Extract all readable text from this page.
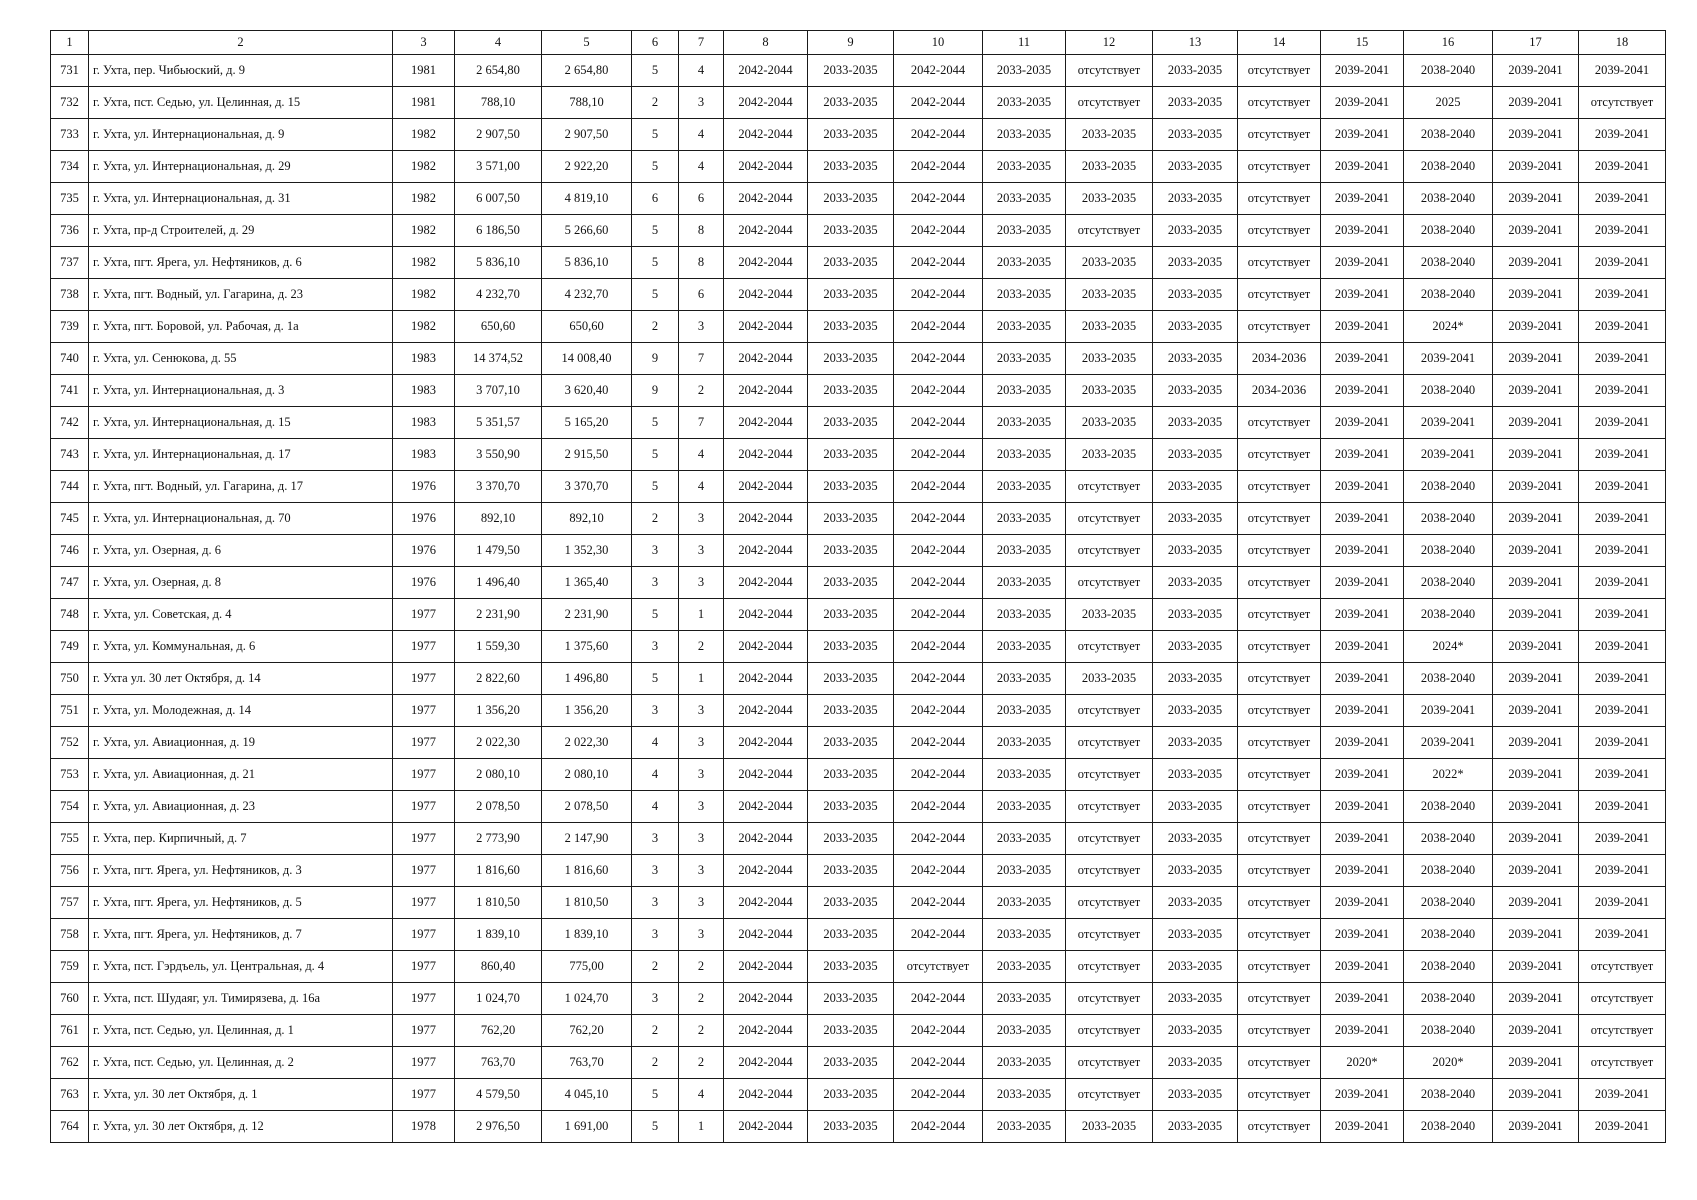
1	2	3	4	5	6	7	8	9	10	11	12	13	14	15	16	17	18
731	г. Ухта, пер. Чибьюский, д. 9	1981	2 654,80	2 654,80	5	4	2042-2044	2033-2035	2042-2044	2033-2035	отсутствует	2033-2035	отсутствует	2039-2041	2038-2040	2039-2041	2039-2041
732	г. Ухта, пст. Седью, ул. Целинная, д. 15	1981	788,10	788,10	2	3	2042-2044	2033-2035	2042-2044	2033-2035	отсутствует	2033-2035	отсутствует	2039-2041	2025	2039-2041	отсутствует
733	г. Ухта, ул. Интернациональная, д. 9	1982	2 907,50	2 907,50	5	4	2042-2044	2033-2035	2042-2044	2033-2035	2033-2035	2033-2035	отсутствует	2039-2041	2038-2040	2039-2041	2039-2041
734	г. Ухта, ул. Интернациональная, д. 29	1982	3 571,00	2 922,20	5	4	2042-2044	2033-2035	2042-2044	2033-2035	2033-2035	2033-2035	отсутствует	2039-2041	2038-2040	2039-2041	2039-2041
735	г. Ухта, ул. Интернациональная, д. 31	1982	6 007,50	4 819,10	6	6	2042-2044	2033-2035	2042-2044	2033-2035	2033-2035	2033-2035	отсутствует	2039-2041	2038-2040	2039-2041	2039-2041
736	г. Ухта, пр-д Строителей, д. 29	1982	6 186,50	5 266,60	5	8	2042-2044	2033-2035	2042-2044	2033-2035	отсутствует	2033-2035	отсутствует	2039-2041	2038-2040	2039-2041	2039-2041
737	г. Ухта, пгт. Ярега, ул. Нефтяников, д. 6	1982	5 836,10	5 836,10	5	8	2042-2044	2033-2035	2042-2044	2033-2035	2033-2035	2033-2035	отсутствует	2039-2041	2038-2040	2039-2041	2039-2041
738	г. Ухта, пгт. Водный, ул. Гагарина, д. 23	1982	4 232,70	4 232,70	5	6	2042-2044	2033-2035	2042-2044	2033-2035	2033-2035	2033-2035	отсутствует	2039-2041	2038-2040	2039-2041	2039-2041
739	г. Ухта, пгт. Боровой, ул. Рабочая, д. 1а	1982	650,60	650,60	2	3	2042-2044	2033-2035	2042-2044	2033-2035	2033-2035	2033-2035	отсутствует	2039-2041	2024*	2039-2041	2039-2041
740	г. Ухта, ул. Сенюкова, д. 55	1983	14 374,52	14 008,40	9	7	2042-2044	2033-2035	2042-2044	2033-2035	2033-2035	2033-2035	2034-2036	2039-2041	2039-2041	2039-2041	2039-2041
741	г. Ухта, ул. Интернациональная, д. 3	1983	3 707,10	3 620,40	9	2	2042-2044	2033-2035	2042-2044	2033-2035	2033-2035	2033-2035	2034-2036	2039-2041	2038-2040	2039-2041	2039-2041
742	г. Ухта, ул. Интернациональная, д. 15	1983	5 351,57	5 165,20	5	7	2042-2044	2033-2035	2042-2044	2033-2035	2033-2035	2033-2035	отсутствует	2039-2041	2039-2041	2039-2041	2039-2041
743	г. Ухта, ул. Интернациональная, д. 17	1983	3 550,90	2 915,50	5	4	2042-2044	2033-2035	2042-2044	2033-2035	2033-2035	2033-2035	отсутствует	2039-2041	2039-2041	2039-2041	2039-2041
744	г. Ухта, пгт. Водный, ул. Гагарина, д. 17	1976	3 370,70	3 370,70	5	4	2042-2044	2033-2035	2042-2044	2033-2035	отсутствует	2033-2035	отсутствует	2039-2041	2038-2040	2039-2041	2039-2041
745	г. Ухта, ул. Интернациональная, д. 70	1976	892,10	892,10	2	3	2042-2044	2033-2035	2042-2044	2033-2035	отсутствует	2033-2035	отсутствует	2039-2041	2038-2040	2039-2041	2039-2041
746	г. Ухта, ул. Озерная, д. 6	1976	1 479,50	1 352,30	3	3	2042-2044	2033-2035	2042-2044	2033-2035	отсутствует	2033-2035	отсутствует	2039-2041	2038-2040	2039-2041	2039-2041
747	г. Ухта, ул. Озерная, д. 8	1976	1 496,40	1 365,40	3	3	2042-2044	2033-2035	2042-2044	2033-2035	отсутствует	2033-2035	отсутствует	2039-2041	2038-2040	2039-2041	2039-2041
748	г. Ухта, ул. Советская, д. 4	1977	2 231,90	2 231,90	5	1	2042-2044	2033-2035	2042-2044	2033-2035	2033-2035	2033-2035	отсутствует	2039-2041	2038-2040	2039-2041	2039-2041
749	г. Ухта, ул. Коммунальная, д. 6	1977	1 559,30	1 375,60	3	2	2042-2044	2033-2035	2042-2044	2033-2035	отсутствует	2033-2035	отсутствует	2039-2041	2024*	2039-2041	2039-2041
750	г. Ухта ул. 30 лет Октября, д. 14	1977	2 822,60	1 496,80	5	1	2042-2044	2033-2035	2042-2044	2033-2035	2033-2035	2033-2035	отсутствует	2039-2041	2038-2040	2039-2041	2039-2041
751	г. Ухта, ул. Молодежная, д. 14	1977	1 356,20	1 356,20	3	3	2042-2044	2033-2035	2042-2044	2033-2035	отсутствует	2033-2035	отсутствует	2039-2041	2039-2041	2039-2041	2039-2041
752	г. Ухта, ул. Авиационная, д. 19	1977	2 022,30	2 022,30	4	3	2042-2044	2033-2035	2042-2044	2033-2035	отсутствует	2033-2035	отсутствует	2039-2041	2039-2041	2039-2041	2039-2041
753	г. Ухта, ул. Авиационная, д. 21	1977	2 080,10	2 080,10	4	3	2042-2044	2033-2035	2042-2044	2033-2035	отсутствует	2033-2035	отсутствует	2039-2041	2022*	2039-2041	2039-2041
754	г. Ухта, ул. Авиационная, д. 23	1977	2 078,50	2 078,50	4	3	2042-2044	2033-2035	2042-2044	2033-2035	отсутствует	2033-2035	отсутствует	2039-2041	2038-2040	2039-2041	2039-2041
755	г. Ухта, пер. Кирпичный, д. 7	1977	2 773,90	2 147,90	3	3	2042-2044	2033-2035	2042-2044	2033-2035	отсутствует	2033-2035	отсутствует	2039-2041	2038-2040	2039-2041	2039-2041
756	г. Ухта, пгт. Ярега, ул. Нефтяников, д. 3	1977	1 816,60	1 816,60	3	3	2042-2044	2033-2035	2042-2044	2033-2035	отсутствует	2033-2035	отсутствует	2039-2041	2038-2040	2039-2041	2039-2041
757	г. Ухта, пгт. Ярега, ул. Нефтяников, д. 5	1977	1 810,50	1 810,50	3	3	2042-2044	2033-2035	2042-2044	2033-2035	отсутствует	2033-2035	отсутствует	2039-2041	2038-2040	2039-2041	2039-2041
758	г. Ухта, пгт. Ярега, ул. Нефтяников, д. 7	1977	1 839,10	1 839,10	3	3	2042-2044	2033-2035	2042-2044	2033-2035	отсутствует	2033-2035	отсутствует	2039-2041	2038-2040	2039-2041	2039-2041
759	г. Ухта, пст. Гэрдъель, ул. Центральная, д. 4	1977	860,40	775,00	2	2	2042-2044	2033-2035	отсутствует	2033-2035	отсутствует	2033-2035	отсутствует	2039-2041	2038-2040	2039-2041	отсутствует
760	г. Ухта, пст. Шудаяг, ул. Тимирязева, д. 16а	1977	1 024,70	1 024,70	3	2	2042-2044	2033-2035	2042-2044	2033-2035	отсутствует	2033-2035	отсутствует	2039-2041	2038-2040	2039-2041	отсутствует
761	г. Ухта, пст. Седью, ул. Целинная, д. 1	1977	762,20	762,20	2	2	2042-2044	2033-2035	2042-2044	2033-2035	отсутствует	2033-2035	отсутствует	2039-2041	2038-2040	2039-2041	отсутствует
762	г. Ухта, пст. Седью, ул. Целинная, д. 2	1977	763,70	763,70	2	2	2042-2044	2033-2035	2042-2044	2033-2035	отсутствует	2033-2035	отсутствует	2020*	2020*	2039-2041	отсутствует
763	г. Ухта, ул. 30 лет Октября, д. 1	1977	4 579,50	4 045,10	5	4	2042-2044	2033-2035	2042-2044	2033-2035	отсутствует	2033-2035	отсутствует	2039-2041	2038-2040	2039-2041	2039-2041
764	г. Ухта, ул. 30 лет Октября, д. 12	1978	2 976,50	1 691,00	5	1	2042-2044	2033-2035	2042-2044	2033-2035	2033-2035	2033-2035	отсутствует	2039-2041	2038-2040	2039-2041	2039-2041
